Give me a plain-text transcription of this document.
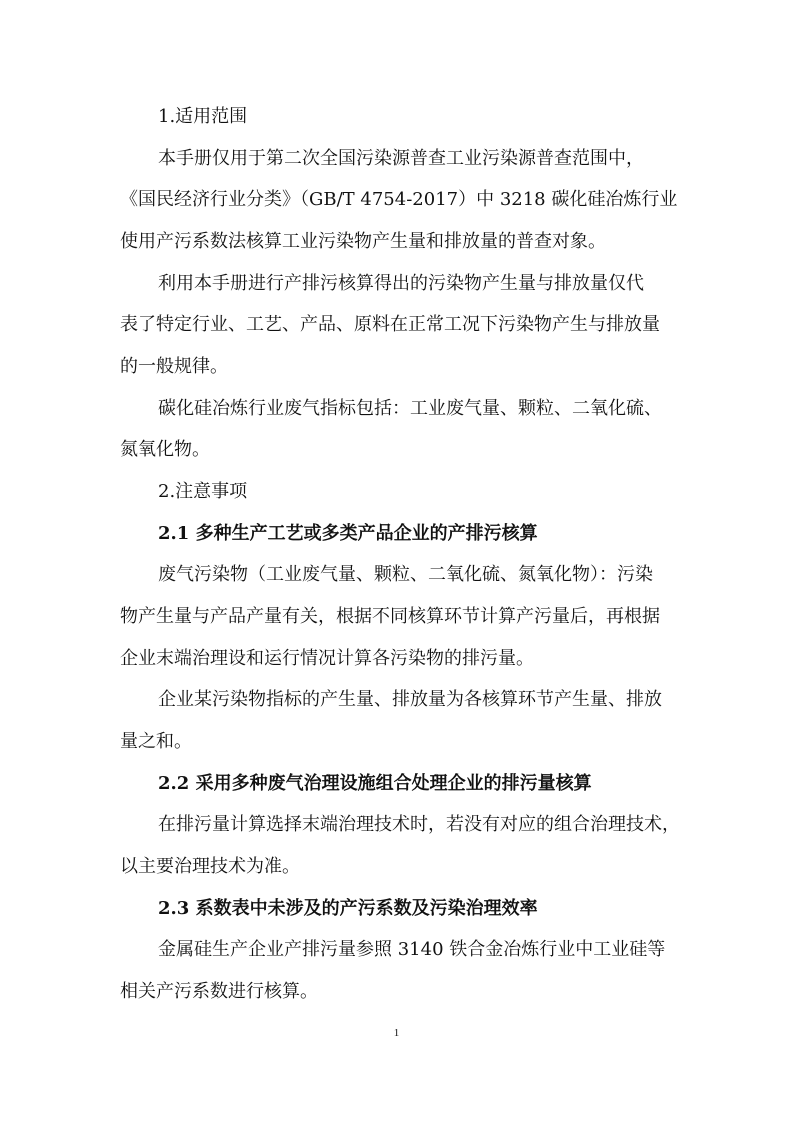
1.适用范围

本手册仅用于第二次全国污染源普查工业污染源普查范围中，

《国民经济行业分类》（GB/T 4754-2017）中 3218 碳化硅冶炼行业

使用产污系数法核算工业污染物产生量和排放量的普查对象。

利用本手册进行产排污核算得出的污染物产生量与排放量仅代

表了特定行业、工艺、产品、原料在正常工况下污染物产生与排放量

的一般规律。

碳化硅冶炼行业废气指标包括：工业废气量、颗粒、二氧化硫、

氮氧化物。

2.注意事项

2.1 多种生产工艺或多类产品企业的产排污核算

废气污染物（工业废气量、颗粒、二氧化硫、氮氧化物）：污染

物产生量与产品产量有关，根据不同核算环节计算产污量后，再根据

企业末端治理设和运行情况计算各污染物的排污量。

企业某污染物指标的产生量、排放量为各核算环节产生量、排放

量之和。

2.2 采用多种废气治理设施组合处理企业的排污量核算

在排污量计算选择末端治理技术时，若没有对应的组合治理技术，

以主要治理技术为准。

2.3 系数表中未涉及的产污系数及污染治理效率

金属硅生产企业产排污量参照 3140 铁合金冶炼行业中工业硅等

相关产污系数进行核算。

1
